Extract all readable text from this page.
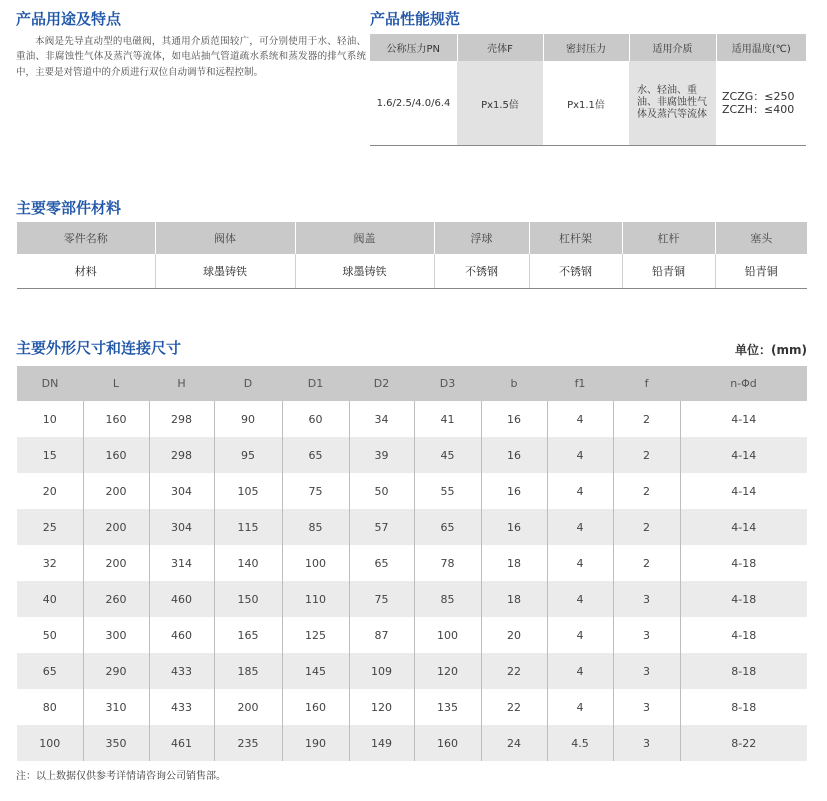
产品用途及特点
本阀是先导直动型的电磁阀，其通用介质范围较广，可分别使用于水、轻油、重油、非腐蚀性气体及蒸汽等流体，如电站抽气管道疏水系统和蒸发器的排气系统中，主要是对管道中的介质进行双位自动调节和远程控制。
产品性能规范
公称压力PN	壳体F	密封压力	适用介质	适用温度(℃)
1.6/2.5/4.0/6.4	Px1.5倍	Px1.1倍	水、轻油、重油、非腐蚀性气体及蒸汽等流体	ZCZG：≤250
ZCZH：≤400
主要零部件材料
零件名称	阀体	阀盖	浮球	杠杆架	杠杆	塞头
材料	球墨铸铁	球墨铸铁	不锈钢	不锈钢	铅青铜	铅青铜
主要外形尺寸和连接尺寸	单位：(mm)
DN	L	H	D	D1	D2	D3	b	f1	f	n-Φd
10	160	298	90	60	34	41	16	4	2	4-14
15	160	298	95	65	39	45	16	4	2	4-14
20	200	304	105	75	50	55	16	4	2	4-14
25	200	304	115	85	57	65	16	4	2	4-14
32	200	314	140	100	65	78	18	4	2	4-18
40	260	460	150	110	75	85	18	4	3	4-18
50	300	460	165	125	87	100	20	4	3	4-18
65	290	433	185	145	109	120	22	4	3	8-18
80	310	433	200	160	120	135	22	4	3	8-18
100	350	461	235	190	149	160	24	4.5	3	8-22
注：以上数据仅供参考详情请咨询公司销售部。
